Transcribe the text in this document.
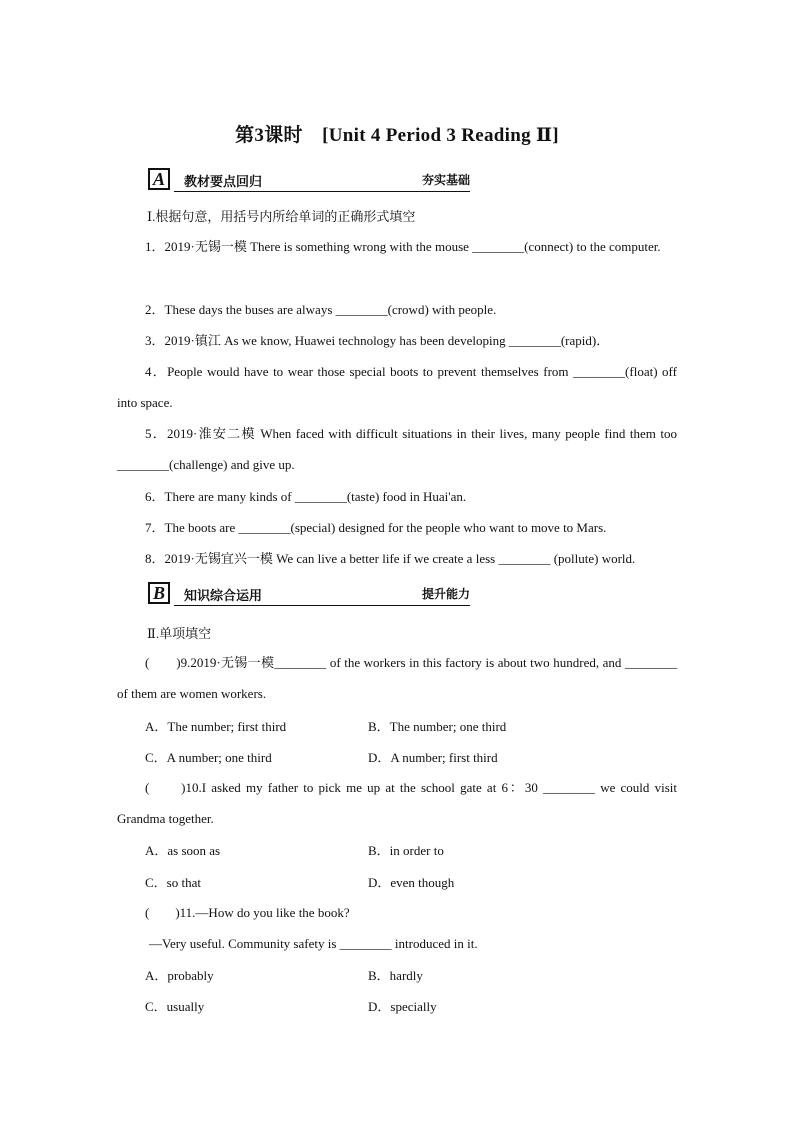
第3课时　[Unit 4 Period 3 Reading Ⅱ]
A	教材要点回归	夯实基础
Ⅰ.根据句意，用括号内所给单词的正确形式填空
1．2019·无锡一模 There is something wrong with the mouse ________(connect) to the computer.
2．These days the buses are always ________(crowd) with people.
3．2019·镇江 As we know, Huawei technology has been developing ________(rapid)．
4．People would have to wear those special boots to prevent themselves from ________(float) off into space.
5．2019·淮安二模 When faced with difficult situations in their lives, many people find them too ________(challenge) and give up.
6．There are many kinds of ________(taste) food in Huai'an.
7．The boots are ________(special) designed for the people who want to move to Mars.
8．2019·无锡宜兴一模 We can live a better life if we create a less ________ (pollute) world.
B	知识综合运用	提升能力
Ⅱ.单项填空
(　　)9.2019·无锡一模________ of the workers in this factory is about two hundred, and ________ of them are women workers.
A．The number; first third	B．The number; one third
C．A number; one third	D．A number; first third
(　　)10.I asked my father to pick me up at the school gate at 6：30 ________ we could visit Grandma together.
A．as soon as	B．in order to
C．so that	D．even though
(　　)11.—How do you like the book?
—Very useful. Community safety is ________ introduced in it.
A．probably	B．hardly
C．usually	D．specially
